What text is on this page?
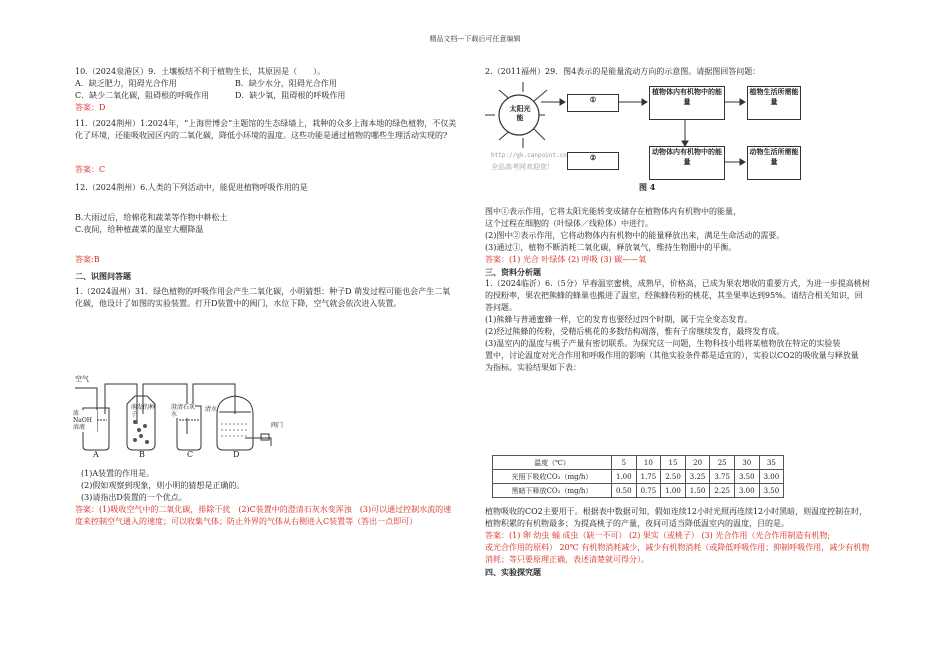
精品文档---下载后可任意编辑

10.（2024泉港区）9．土壤板结不利于植物生长，其原因是（　　）。

A．缺乏肥力，阻碍光合作用	B．缺少水分，阻碍光合作用

C．缺少二氧化碳，阻碍根的呼吸作用	D．缺少氧，阻碍根的呼吸作用

答案：D

11.（2024荆州）1.2024年，“上海世博会”主题馆的生态绿墙上，栽种的众多上海本地的绿色植物，不仅美

化了环境，还能吸收园区内的二氧化碳，降低小环境的温度。这些功能是通过植物的哪些生理活动实现的?

答案：C

12.（2024荆州）6.人类的下列活动中，能促进植物呼吸作用的是

B.大雨过后，给棉花和蔬菜等作物中耕松土

C.夜间，给种植蔬菜的温室大棚降温

答案:B

二、识图问答题

1.（2024温州）31．绿色植物的呼吸作用会产生二氧化碳，小明猜想：种子D 萌发过程可能也会产生二氧

化碳，他设计了如图的实验装置。打开D装置中的阀门，水位下降，空气就会依次进入装置。

空气
浓 NaOH 溶液
萌发的种子
澄清石灰水
清水
阀门
A	B	C	D

(1)A装置的作用是。

(2)假如观察到现象，则小明的猜想是正确的。

(3)请指出D装置的一个优点。

答案：(1)吸收空气中的二氧化碳，排除干扰　(2)C装置中的澄清石灰水变浑浊　(3)可以通过控制水流的速

度来控制空气通入的速度；可以收集气体；防止外界的气体从右侧进入C装置等（答出一点即可）

2.（2011福州）29．图4表示的是能量流动方向的示意图。请据图回答问题：
太阳光能
①
植物体内有机物中的能量
植物生活所需能量
②
动物体内有机物中的能量
动物生活所需能量
http://gk.canpoint.cn
全品高考网欢迎您！
图 4

图中①表示作用，它将太阳光能转变成储存在植物体内有机物中的能量，

这个过程在细胞的（叶绿体／线粒体）中进行。

(2)图中②表示作用，它将动物体内有机物中的能量释放出来，满足生命活动的需要。

(3)通过①，植物不断消耗二氧化碳，释放氧气，维持生物圈中的平衡。

答案：(1) 光合 叶绿体 (2) 呼吸 (3) 碳——氧

三、资料分析题

1.（2024临沂）6.（5分）早春温室蜜桃，成熟早，价格高，已成为果农增收的重要方式，为进一步提高桃树

的授粉率，果农把熊蜂的蜂巢也搬进了温室，经熊蜂传粉的桃花，其坐果率达到95%。请结合相关知识，回

答问题。

(1)熊蜂与普通蜜蜂一样，它的发育也要经过四个时期，属于完全变态发育。

(2)经过熊蜂的传粉，受精后桃花的多数结构凋落，惟有子房继续发育，最终发育成。

(3)温室内的温度与桃子产量有密切联系。为探究这一问题，生物科技小组将某植物放在特定的实验装

置中，讨论温度对光合作用和呼吸作用的影响（其他实验条件都是适宜的），实验以CO2的吸收量与释放量

为指标。实验结果如下表：

温度（℃）	5	10	15	20	25	30	35
光照下吸收CO₂（mg/h）	1.00	1.75	2.50	3.25	3.75	3.50	3.00
黑暗下释放CO₂（mg/h）	0.50	0.75	1.00	1.50	2.25	3.00	3.50

植物吸收的CO2主要用于。根据表中数据可知，假如连续12小时光照再连续12小时黑暗，则温度控制在时，

植物积累的有机物最多；为提高桃子的产量，夜间可适当降低温室内的温度，目的是。

答案：(1) 卵 幼虫 蛹 成虫（缺一不可） (2) 果实（或桃子） (3) 光合作用（光合作用制造有机物;

或光合作用的原料） 20℃ 有机物消耗减少，减少有机物消耗（或降低呼吸作用；抑制呼吸作用，减少有机物

消耗；等只要原理正确，表述清楚就可得分）。

四、实验探究题
